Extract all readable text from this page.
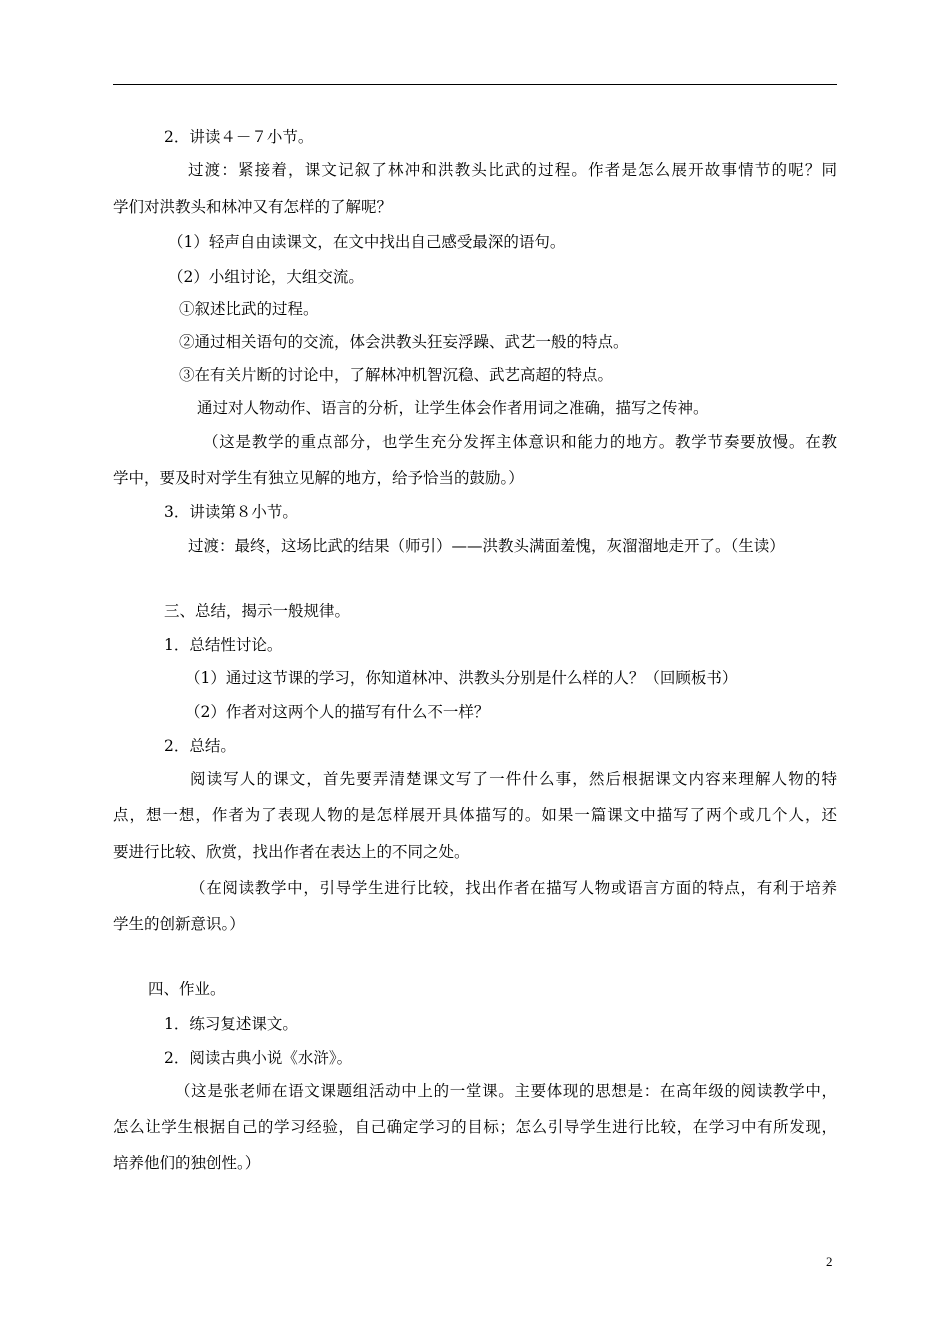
2．讲读４－７小节。
过渡：紧接着，课文记叙了林冲和洪教头比武的过程。作者是怎么展开故事情节的呢？同
学们对洪教头和林冲又有怎样的了解呢？
（1）轻声自由读课文，在文中找出自己感受最深的语句。
（2）小组讨论，大组交流。
①叙述比武的过程。
②通过相关语句的交流，体会洪教头狂妄浮躁、武艺一般的特点。
③在有关片断的讨论中，了解林冲机智沉稳、武艺高超的特点。
通过对人物动作、语言的分析，让学生体会作者用词之准确，描写之传神。
（这是教学的重点部分，也学生充分发挥主体意识和能力的地方。教学节奏要放慢。在教
学中，要及时对学生有独立见解的地方，给予恰当的鼓励。）
3．讲读第８小节。
过渡：最终，这场比武的结果（师引）——洪教头满面羞愧，灰溜溜地走开了。（生读）
三、总结，揭示一般规律。
1．总结性讨论。
（1）通过这节课的学习，你知道林冲、洪教头分别是什么样的人？（回顾板书）
（2）作者对这两个人的描写有什么不一样？
2．总结。
阅读写人的课文，首先要弄清楚课文写了一件什么事，然后根据课文内容来理解人物的特
点，想一想，作者为了表现人物的是怎样展开具体描写的。如果一篇课文中描写了两个或几个人，还
要进行比较、欣赏，找出作者在表达上的不同之处。
（在阅读教学中，引导学生进行比较，找出作者在描写人物或语言方面的特点，有利于培养
学生的创新意识。）
四、作业。
1．练习复述课文。
2．阅读古典小说《水浒》。
（这是张老师在语文课题组活动中上的一堂课。主要体现的思想是：在高年级的阅读教学中，
怎么让学生根据自己的学习经验，自己确定学习的目标；怎么引导学生进行比较，在学习中有所发现，
培养他们的独创性。）
2
